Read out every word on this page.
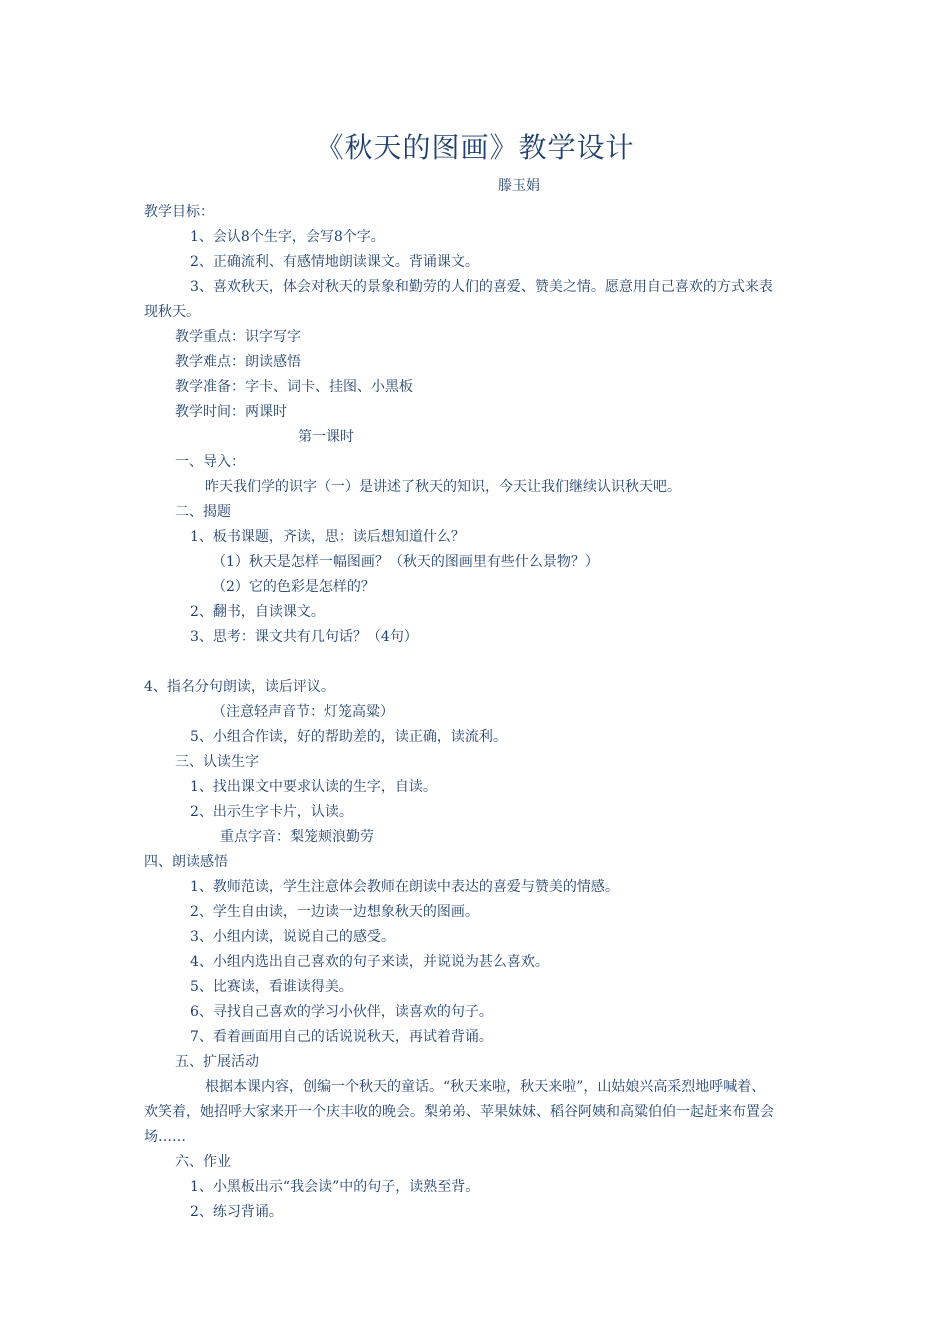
《秋天的图画》教学设计
滕玉娟
教学目标：
1、会认8个生字，会写8个字。
2、正确流利、有感情地朗读课文。背诵课文。
3、喜欢秋天，体会对秋天的景象和勤劳的人们的喜爱、赞美之情。愿意用自己喜欢的方式来表
现秋天。
教学重点：识字写字
教学难点：朗读感悟
教学准备：字卡、词卡、挂图、小黑板
教学时间：两课时
第一课时
一、导入：
昨天我们学的识字（一）是讲述了秋天的知识，今天让我们继续认识秋天吧。
二、揭题
1、板书课题，齐读，思：读后想知道什么？
（1）秋天是怎样一幅图画？（秋天的图画里有些什么景物？）
（2）它的色彩是怎样的？
2、翻书，自读课文。
3、思考：课文共有几句话？（4句）
4、指名分句朗读，读后评议。
（注意轻声音节：灯笼高粱）
5、小组合作读，好的帮助差的，读正确，读流利。
三、认读生字
1、找出课文中要求认读的生字，自读。
2、出示生字卡片，认读。
重点字音：梨笼颊浪勤劳
四、朗读感悟
1、教师范读，学生注意体会教师在朗读中表达的喜爱与赞美的情感。
2、学生自由读，一边读一边想象秋天的图画。
3、小组内读，说说自己的感受。
4、小组内选出自己喜欢的句子来读，并说说为甚么喜欢。
5、比赛读，看谁读得美。
6、寻找自己喜欢的学习小伙伴，读喜欢的句子。
7、看着画面用自己的话说说秋天，再试着背诵。
五、扩展活动
根据本课内容，创编一个秋天的童话。“秋天来啦，秋天来啦”，山姑娘兴高采烈地呼喊着、
欢笑着，她招呼大家来开一个庆丰收的晚会。梨弟弟、苹果妹妹、稻谷阿姨和高粱伯伯一起赶来布置会
场……
六、作业
1、小黑板出示“我会读”中的句子，读熟至背。
2、练习背诵。
